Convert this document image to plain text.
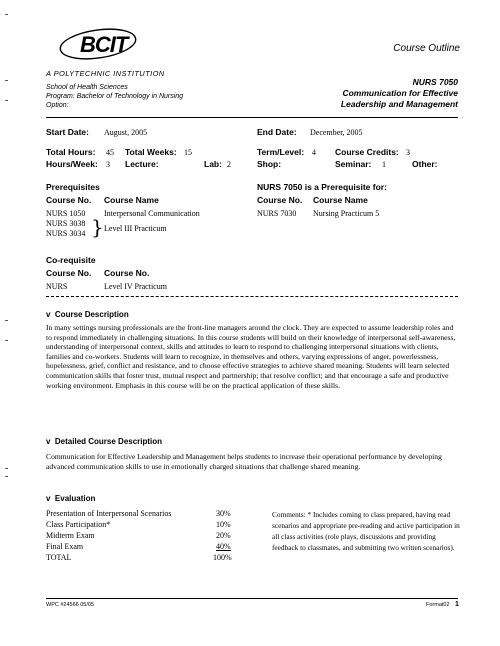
BCIT
A POLYTECHNIC INSTITUTION
Course Outline
School of Health Sciences
Program: Bachelor of Technology in Nursing
Option:
NURS 7050
Communication for Effective
Leadership and Management
Start Date: August, 2005	End Date: December, 2005
Total Hours: 45 Total Weeks: 15	Term/Level: 4 Course Credits: 3
Hours/Week: 3 Lecture:	Lab: 2	Shop:	Seminar: 1	Other:
Prerequisites
Course No. Course Name
NURS 1050 Interpersonal Communication
NURS 3038
NURS 3034 } Level III Practicum
NURS 7050 is a Prerequisite for:
Course No. Course Name
NURS 7030 Nursing Practicum 5
Co-requisite
Course No. Course No.
NURS	Level IV Practicum
v  Course Description
In many settings nursing professionals are the front-line managers around the clock. They are expected to assume leadership roles and to respond immediately in challenging situations. In this course students will build on their knowledge of interpersonal self-awareness, understanding of interpersonal context, skills and attitudes to learn to respond to challenging interpersonal situations with clients, families and co-workers. Students will learn to recognize, in themselves and others, varying expressions of anger, powerlessness, hopelessness, grief, conflict and resistance, and to choose effective strategies to achieve shared meaning. Students will learn selected communication skills that foster trust, mutual respect and partnership; that resolve conflict; and that encourage a safe and productive working environment. Emphasis in this course will be on the practical application of these skills.
v  Detailed Course Description
Communication for Effective Leadership and Management helps students to increase their operational performance by developing advanced communication skills to use in emotionally charged situations that challenge shared meaning.
v  Evaluation
Presentation of Interpersonal Scenarios	30%
Class Participation*	10%
Midterm Exam	20%
Final Exam	40%
TOTAL	100%
Comments: * Includes coming to class prepared, having read scenarios and appropriate pre-reading and active participation in all class activities (role plays, discussions and providing feedback to classmates, and submitting two written scenarios).
WPC #24566 05/05	Format02 1
